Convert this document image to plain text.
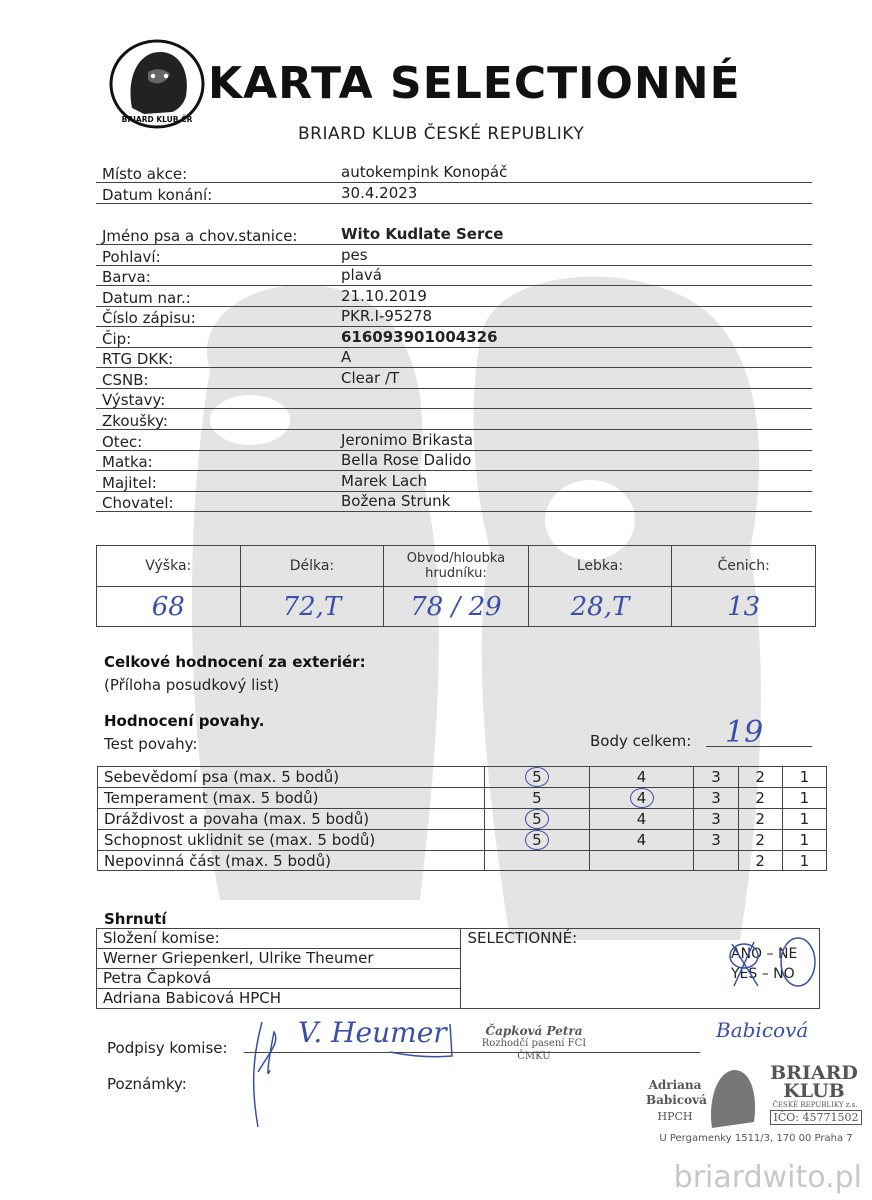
BRIARD KLUB ČR
KARTA SELECTIONNÉ
BRIARD KLUB ČESKÉ REPUBLIKY
Místo akce:	autokempink Konopáč
Datum konání:	30.4.2023
Jméno psa a chov.stanice:	Wito Kudlate Serce
Pohlaví:	pes
Barva:	plavá
Datum nar.:	21.10.2019
Číslo zápisu:	PKR.I-95278
Čip:	616093901004326
RTG DKK:	A
CSNB:	Clear /T
Výstavy:
Zkoušky:
Otec:	Jeronimo Brikasta
Matka:	Bella Rose Dalido
Majitel:	Marek Lach
Chovatel:	Božena Strunk
Výška:	Délka:	Obvod/hloubka hrudníku:	Lebka:	Čenich:
68	72,T	78 / 29	28,T	13
Celkové hodnocení za exteriér:
(Příloha posudkový list)
Hodnocení povahy.
Test povahy:	Body celkem: 19
Sebevědomí psa (max. 5 bodů)	5	4	3	2	1
Temperament (max. 5 bodů)	5	4	3	2	1
Dráždivost a povaha (max. 5 bodů)	5	4	3	2	1
Schopnost uklidnit se (max. 5 bodů)	5	4	3	2	1
Nepovinná část (max. 5 bodů)				2	1
Shrnutí
Složení komise:	SELECTIONNÉ:
Werner Griepenkerl, Ulrike Theumer
Petra Čapková
Adriana Babicová HPCH
ANO – NE
YES – NO
Podpisy komise:	V. Heumer	Babicová
Čapková Petra
Rozhodčí pasení FCI
ČMKU
Poznámky:	Adriana
Babicová
HPCH
BRIARD
KLUB
ČESKÉ REPUBLIKY z.s.
IČO: 45771502
U Pergamenky 1511/3, 170 00 Praha 7
briardwito.pl
